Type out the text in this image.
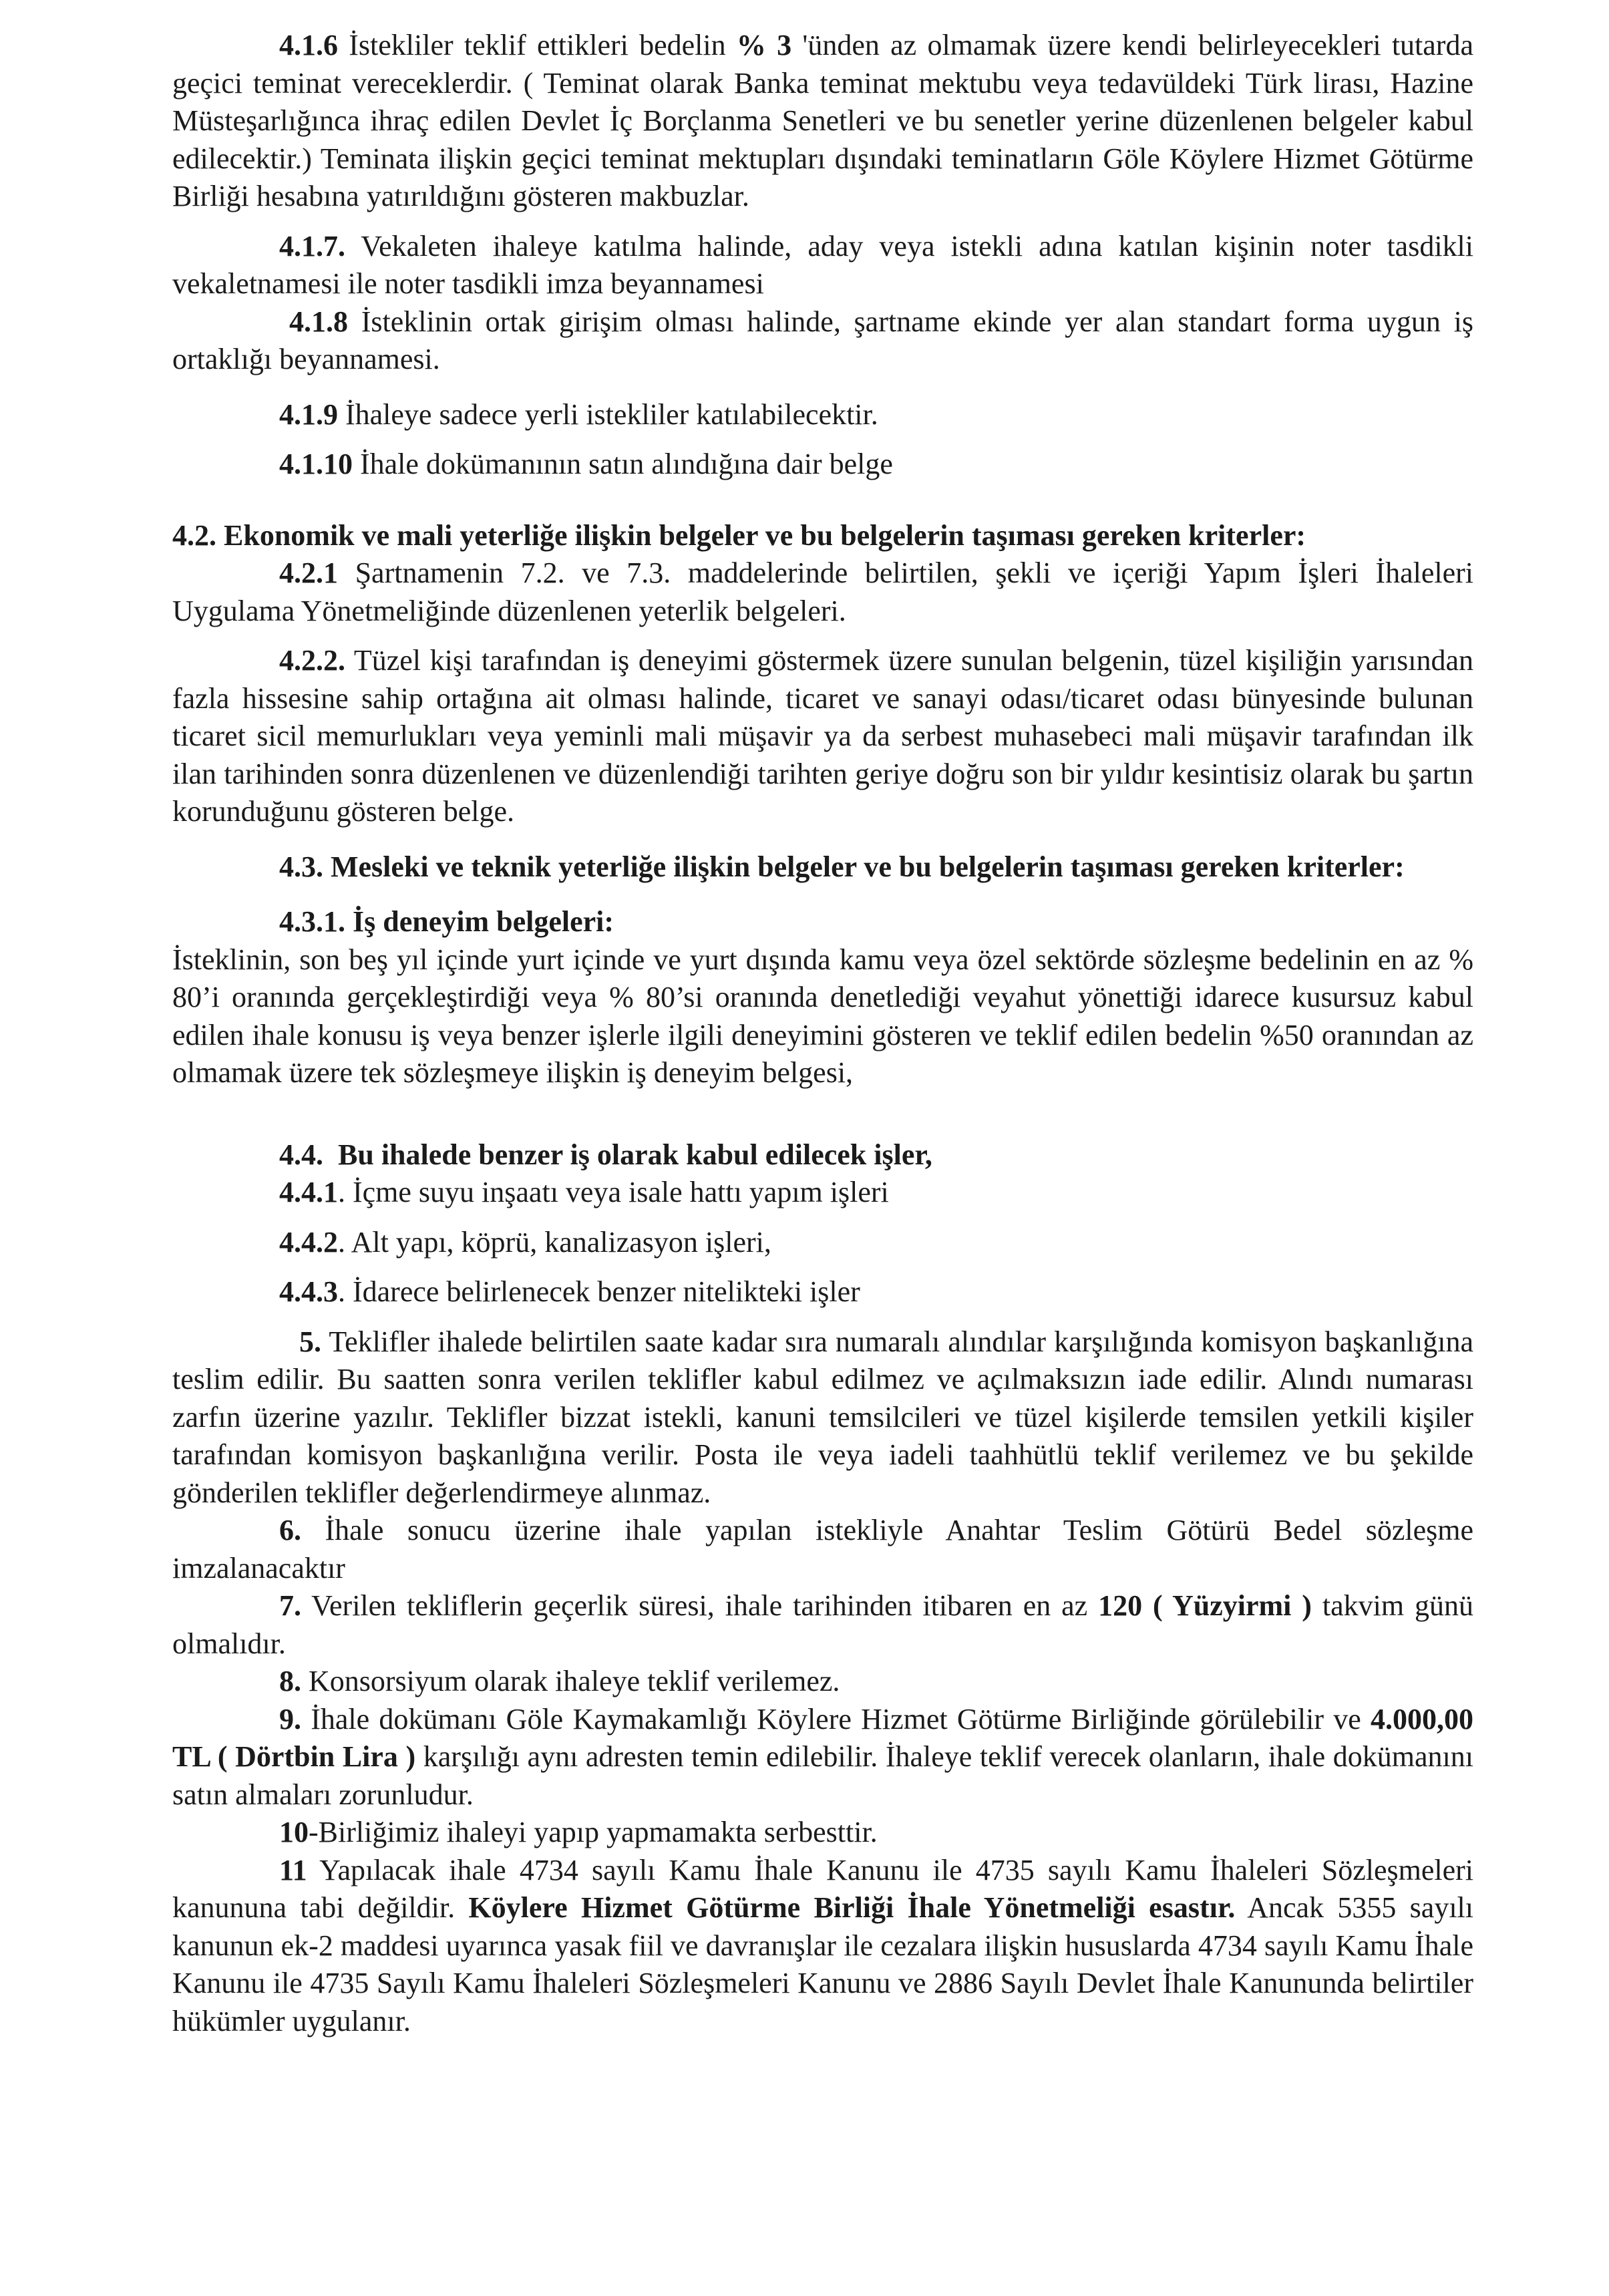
4.1.6 İstekliler teklif ettikleri bedelin % 3 'ünden az olmamak üzere kendi belirleyecekleri tutarda geçici teminat vereceklerdir. ( Teminat olarak Banka teminat mektubu veya tedavüldeki Türk lirası, Hazine Müsteşarlığınca ihraç edilen Devlet İç Borçlanma Senetleri ve bu senetler yerine düzenlenen belgeler kabul edilecektir.) Teminata ilişkin geçici teminat mektupları dışındaki teminatların Göle Köylere Hizmet Götürme Birliği hesabına yatırıldığını gösteren makbuzlar.

4.1.7. Vekaleten ihaleye katılma halinde, aday veya istekli adına katılan kişinin noter tasdikli vekaletnamesi ile noter tasdikli imza beyannamesi

4.1.8 İsteklinin ortak girişim olması halinde, şartname ekinde yer alan standart forma uygun iş ortaklığı beyannamesi.

4.1.9 İhaleye sadece yerli istekliler katılabilecektir.

4.1.10 İhale dokümanının satın alındığına dair belge

4.2. Ekonomik ve mali yeterliğe ilişkin belgeler ve bu belgelerin taşıması gereken kriterler:

4.2.1 Şartnamenin 7.2. ve 7.3. maddelerinde belirtilen, şekli ve içeriği Yapım İşleri İhaleleri Uygulama Yönetmeliğinde düzenlenen yeterlik belgeleri.

4.2.2. Tüzel kişi tarafından iş deneyimi göstermek üzere sunulan belgenin, tüzel kişiliğin yarısından fazla hissesine sahip ortağına ait olması halinde, ticaret ve sanayi odası/ticaret odası bünyesinde bulunan ticaret sicil memurlukları veya yeminli mali müşavir ya da serbest muhasebeci mali müşavir tarafından ilk ilan tarihinden sonra düzenlenen ve düzenlendiği tarihten geriye doğru son bir yıldır kesintisiz olarak bu şartın korunduğunu gösteren belge.

4.3. Mesleki ve teknik yeterliğe ilişkin belgeler ve bu belgelerin taşıması gereken kriterler:

4.3.1. İş deneyim belgeleri:

İsteklinin, son beş yıl içinde yurt içinde ve yurt dışında kamu veya özel sektörde sözleşme bedelinin en az % 80’i oranında gerçekleştirdiği veya % 80’si oranında denetlediği veyahut yönettiği idarece kusursuz kabul edilen ihale konusu iş veya benzer işlerle ilgili deneyimini gösteren ve teklif edilen bedelin %50 oranından az olmamak üzere tek sözleşmeye ilişkin iş deneyim belgesi,

4.4. Bu ihalede benzer iş olarak kabul edilecek işler,

4.4.1. İçme suyu inşaatı veya isale hattı yapım işleri

4.4.2. Alt yapı, köprü, kanalizasyon işleri,

4.4.3. İdarece belirlenecek benzer nitelikteki işler

5. Teklifler ihalede belirtilen saate kadar sıra numaralı alındılar karşılığında komisyon başkanlığına teslim edilir. Bu saatten sonra verilen teklifler kabul edilmez ve açılmaksızın iade edilir. Alındı numarası zarfın üzerine yazılır. Teklifler bizzat istekli, kanuni temsilcileri ve tüzel kişilerde temsilen yetkili kişiler tarafından komisyon başkanlığına verilir. Posta ile veya iadeli taahhütlü teklif verilemez ve bu şekilde gönderilen teklifler değerlendirmeye alınmaz.

6. İhale sonucu üzerine ihale yapılan istekliyle Anahtar Teslim Götürü Bedel sözleşme imzalanacaktır

7. Verilen tekliflerin geçerlik süresi, ihale tarihinden itibaren en az 120 ( Yüzyirmi ) takvim günü olmalıdır.

8. Konsorsiyum olarak ihaleye teklif verilemez.

9. İhale dokümanı Göle Kaymakamlığı Köylere Hizmet Götürme Birliğinde görülebilir ve 4.000,00 TL ( Dörtbin Lira ) karşılığı aynı adresten temin edilebilir. İhaleye teklif verecek olanların, ihale dokümanını satın almaları zorunludur.

10-Birliğimiz ihaleyi yapıp yapmamakta serbesttir.

11 Yapılacak ihale 4734 sayılı Kamu İhale Kanunu ile 4735 sayılı Kamu İhaleleri Sözleşmeleri kanununa tabi değildir. Köylere Hizmet Götürme Birliği İhale Yönetmeliği esastır. Ancak 5355 sayılı kanunun ek-2 maddesi uyarınca yasak fiil ve davranışlar ile cezalara ilişkin hususlarda 4734 sayılı Kamu İhale Kanunu ile 4735 Sayılı Kamu İhaleleri Sözleşmeleri Kanunu ve 2886 Sayılı Devlet İhale Kanununda belirtiler hükümler uygulanır.
